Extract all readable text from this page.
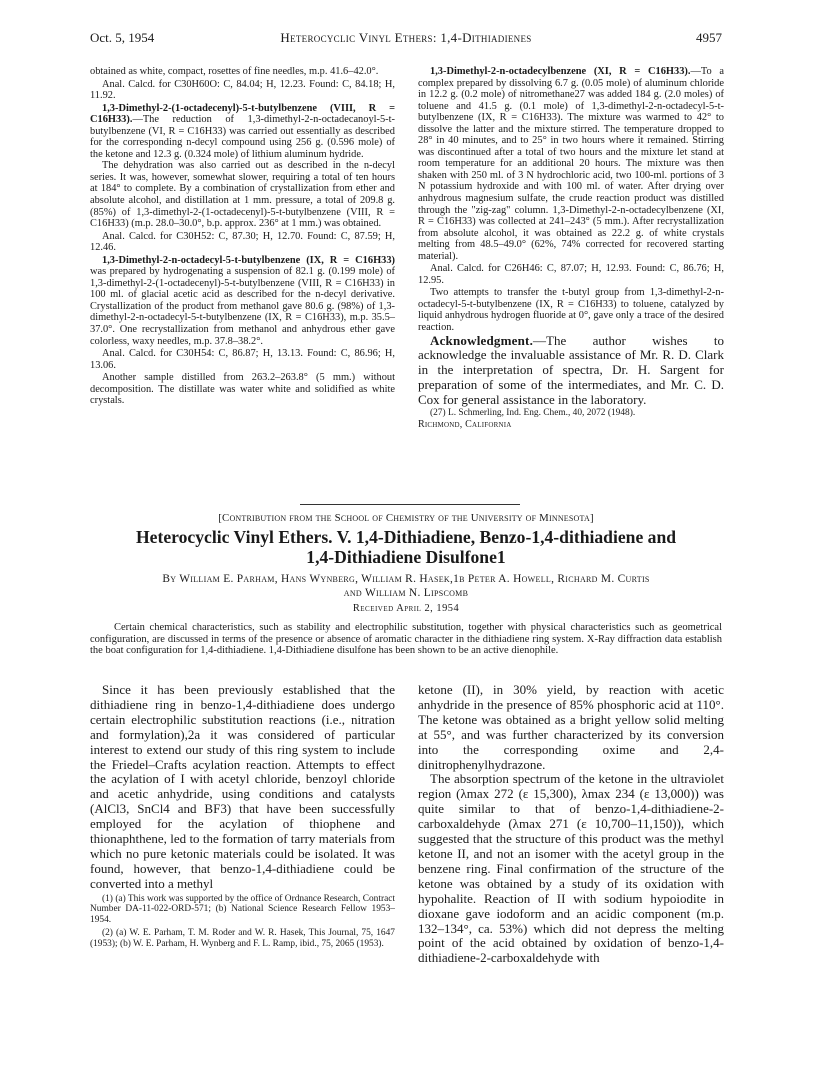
Oct. 5, 1954	Heterocyclic Vinyl Ethers: 1,4-Dithiadienes	4957

obtained as white, compact, rosettes of fine needles, m.p. 41.6–42.0°.

Anal. Calcd. for C30H60O: C, 84.04; H, 12.23. Found: C, 84.18; H, 11.92.

1,3-Dimethyl-2-(1-octadecenyl)-5-t-butylbenzene (VIII, R = C16H33).—The reduction of 1,3-dimethyl-2-n-octadecanoyl-5-t-butylbenzene (VI, R = C16H33) was carried out essentially as described for the corresponding n-decyl compound using 256 g. (0.596 mole) of the ketone and 12.3 g. (0.324 mole) of lithium aluminum hydride.

The dehydration was also carried out as described in the n-decyl series. It was, however, somewhat slower, requiring a total of ten hours at 184° to complete. By a combination of crystallization from ether and absolute alcohol, and distillation at 1 mm. pressure, a total of 209.8 g. (85%) of 1,3-dimethyl-2-(1-octadecenyl)-5-t-butylbenzene (VIII, R = C16H33) (m.p. 28.0–30.0°, b.p. approx. 236° at 1 mm.) was obtained.

Anal. Calcd. for C30H52: C, 87.30; H, 12.70. Found: C, 87.59; H, 12.46.

1,3-Dimethyl-2-n-octadecyl-5-t-butylbenzene (IX, R = C16H33) was prepared by hydrogenating a suspension of 82.1 g. (0.199 mole) of 1,3-dimethyl-2-(1-octadecenyl)-5-t-butylbenzene (VIII, R = C16H33) in 100 ml. of glacial acetic acid as described for the n-decyl derivative. Crystallization of the product from methanol gave 80.6 g. (98%) of 1,3-dimethyl-2-n-octadecyl-5-t-butylbenzene (IX, R = C16H33), m.p. 35.5–37.0°. One recrystallization from methanol and anhydrous ether gave colorless, waxy needles, m.p. 37.8–38.2°.

Anal. Calcd. for C30H54: C, 86.87; H, 13.13. Found: C, 86.96; H, 13.06.

Another sample distilled from 263.2–263.8° (5 mm.) without decomposition. The distillate was water white and solidified as white crystals.

1,3-Dimethyl-2-n-octadecylbenzene (XI, R = C16H33).—To a complex prepared by dissolving 6.7 g. (0.05 mole) of aluminum chloride in 12.2 g. (0.2 mole) of nitromethane27 was added 184 g. (2.0 moles) of toluene and 41.5 g. (0.1 mole) of 1,3-dimethyl-2-n-octadecyl-5-t-butylbenzene (IX, R = C16H33). The mixture was warmed to 42° to dissolve the latter and the mixture stirred. The temperature dropped to 28° in 40 minutes, and to 25° in two hours where it remained. Stirring was discontinued after a total of two hours and the mixture let stand at room temperature for an additional 20 hours. The mixture was then shaken with 250 ml. of 3 N hydrochloric acid, two 100-ml. portions of 3 N potassium hydroxide and with 100 ml. of water. After drying over anhydrous magnesium sulfate, the crude reaction product was distilled through the "zig-zag" column. 1,3-Dimethyl-2-n-octadecylbenzene (XI, R = C16H33) was collected at 241–243° (5 mm.). After recrystallization from absolute alcohol, it was obtained as 22.2 g. of white crystals melting from 48.5–49.0° (62%, 74% corrected for recovered starting material).

Anal. Calcd. for C26H46: C, 87.07; H, 12.93. Found: C, 86.76; H, 12.95.

Two attempts to transfer the t-butyl group from 1,3-dimethyl-2-n-octadecyl-5-t-butylbenzene (IX, R = C16H33) to toluene, catalyzed by liquid anhydrous hydrogen fluoride at 0°, gave only a trace of the desired reaction.

Acknowledgment.—The author wishes to acknowledge the invaluable assistance of Mr. R. D. Clark in the interpretation of spectra, Dr. H. Sargent for preparation of some of the intermediates, and Mr. C. D. Cox for general assistance in the laboratory.

(27) L. Schmerling, Ind. Eng. Chem., 40, 2072 (1948).

Richmond, California

[Contribution from the School of Chemistry of the University of Minnesota]
Heterocyclic Vinyl Ethers. V. 1,4-Dithiadiene, Benzo-1,4-dithiadiene and
1,4-Dithiadiene Disulfone1
By William E. Parham, Hans Wynberg, William R. Hasek,1b Peter A. Howell, Richard M. Curtis
and William N. Lipscomb
Received April 2, 1954
Certain chemical characteristics, such as stability and electrophilic substitution, together with physical characteristics such as geometrical configuration, are discussed in terms of the presence or absence of aromatic character in the dithiadiene ring system. X-Ray diffraction data establish the boat configuration for 1,4-dithiadiene. 1,4-Dithiadiene disulfone has been shown to be an active dienophile.

Since it has been previously established that the dithiadiene ring in benzo-1,4-dithiadiene does undergo certain electrophilic substitution reactions (i.e., nitration and formylation),2a it was considered of particular interest to extend our study of this ring system to include the Friedel–Crafts acylation reaction. Attempts to effect the acylation of I with acetyl chloride, benzoyl chloride and acetic anhydride, using conditions and catalysts (AlCl3, SnCl4 and BF3) that have been successfully employed for the acylation of thiophene and thionaphthene, led to the formation of tarry materials from which no pure ketonic materials could be isolated. It was found, however, that benzo-1,4-dithiadiene could be converted into a methyl

(1) (a) This work was supported by the office of Ordnance Research, Contract Number DA-11-022-ORD-571; (b) National Science Research Fellow 1953–1954.

(2) (a) W. E. Parham, T. M. Roder and W. R. Hasek, This Journal, 75, 1647 (1953); (b) W. E. Parham, H. Wynberg and F. L. Ramp, ibid., 75, 2065 (1953).

ketone (II), in 30% yield, by reaction with acetic anhydride in the presence of 85% phosphoric acid at 110°. The ketone was obtained as a bright yellow solid melting at 55°, and was further characterized by its conversion into the corresponding oxime and 2,4-dinitrophenylhydrazone.

The absorption spectrum of the ketone in the ultraviolet region (λmax 272 (ε 15,300), λmax 234 (ε 13,000)) was quite similar to that of benzo-1,4-dithiadiene-2-carboxaldehyde (λmax 271 (ε 10,700–11,150)), which suggested that the structure of this product was the methyl ketone II, and not an isomer with the acetyl group in the benzene ring. Final confirmation of the structure of the ketone was obtained by a study of its oxidation with hypohalite. Reaction of II with sodium hypoiodite in dioxane gave iodoform and an acidic component (m.p. 132–134°, ca. 53%) which did not depress the melting point of the acid obtained by oxidation of benzo-1,4-dithiadiene-2-carboxaldehyde with
